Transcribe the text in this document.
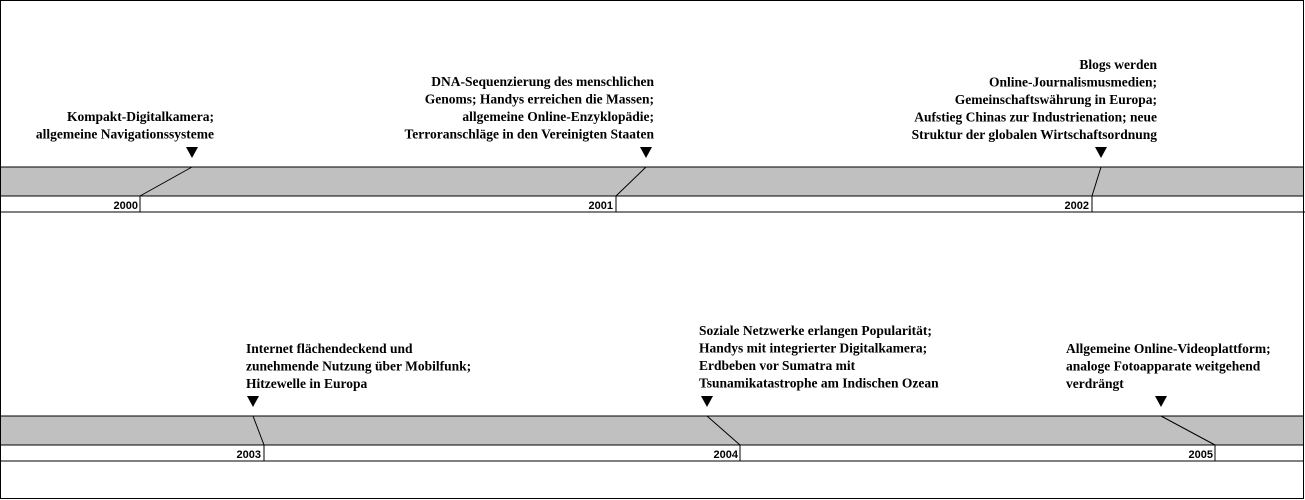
Kompakt-Digitalkamera; allgemeine Navigationssysteme
2000
DNA-Sequenzierung des menschlichen Genoms; Handys erreichen die Massen; allgemeine Online-Enzyklopädie; Terroranschläge in den Vereinigten Staaten
2001
Blogs werden Online-Journalismusmedien; Gemeinschaftswährung in Europa; Aufstieg Chinas zur Industrienation; neue Struktur der globalen Wirtschaftsordnung
2002
Internet flächendeckend und zunehmende Nutzung über Mobilfunk; Hitzewelle in Europa
2003
Soziale Netzwerke erlangen Popularität; Handys mit integrierter Digitalkamera; Erdbeben vor Sumatra mit Tsunamikatastrophe am Indischen Ozean
2004
Allgemeine Online-Videoplattform; analoge Fotoapparate weitgehend verdrängt
2005
